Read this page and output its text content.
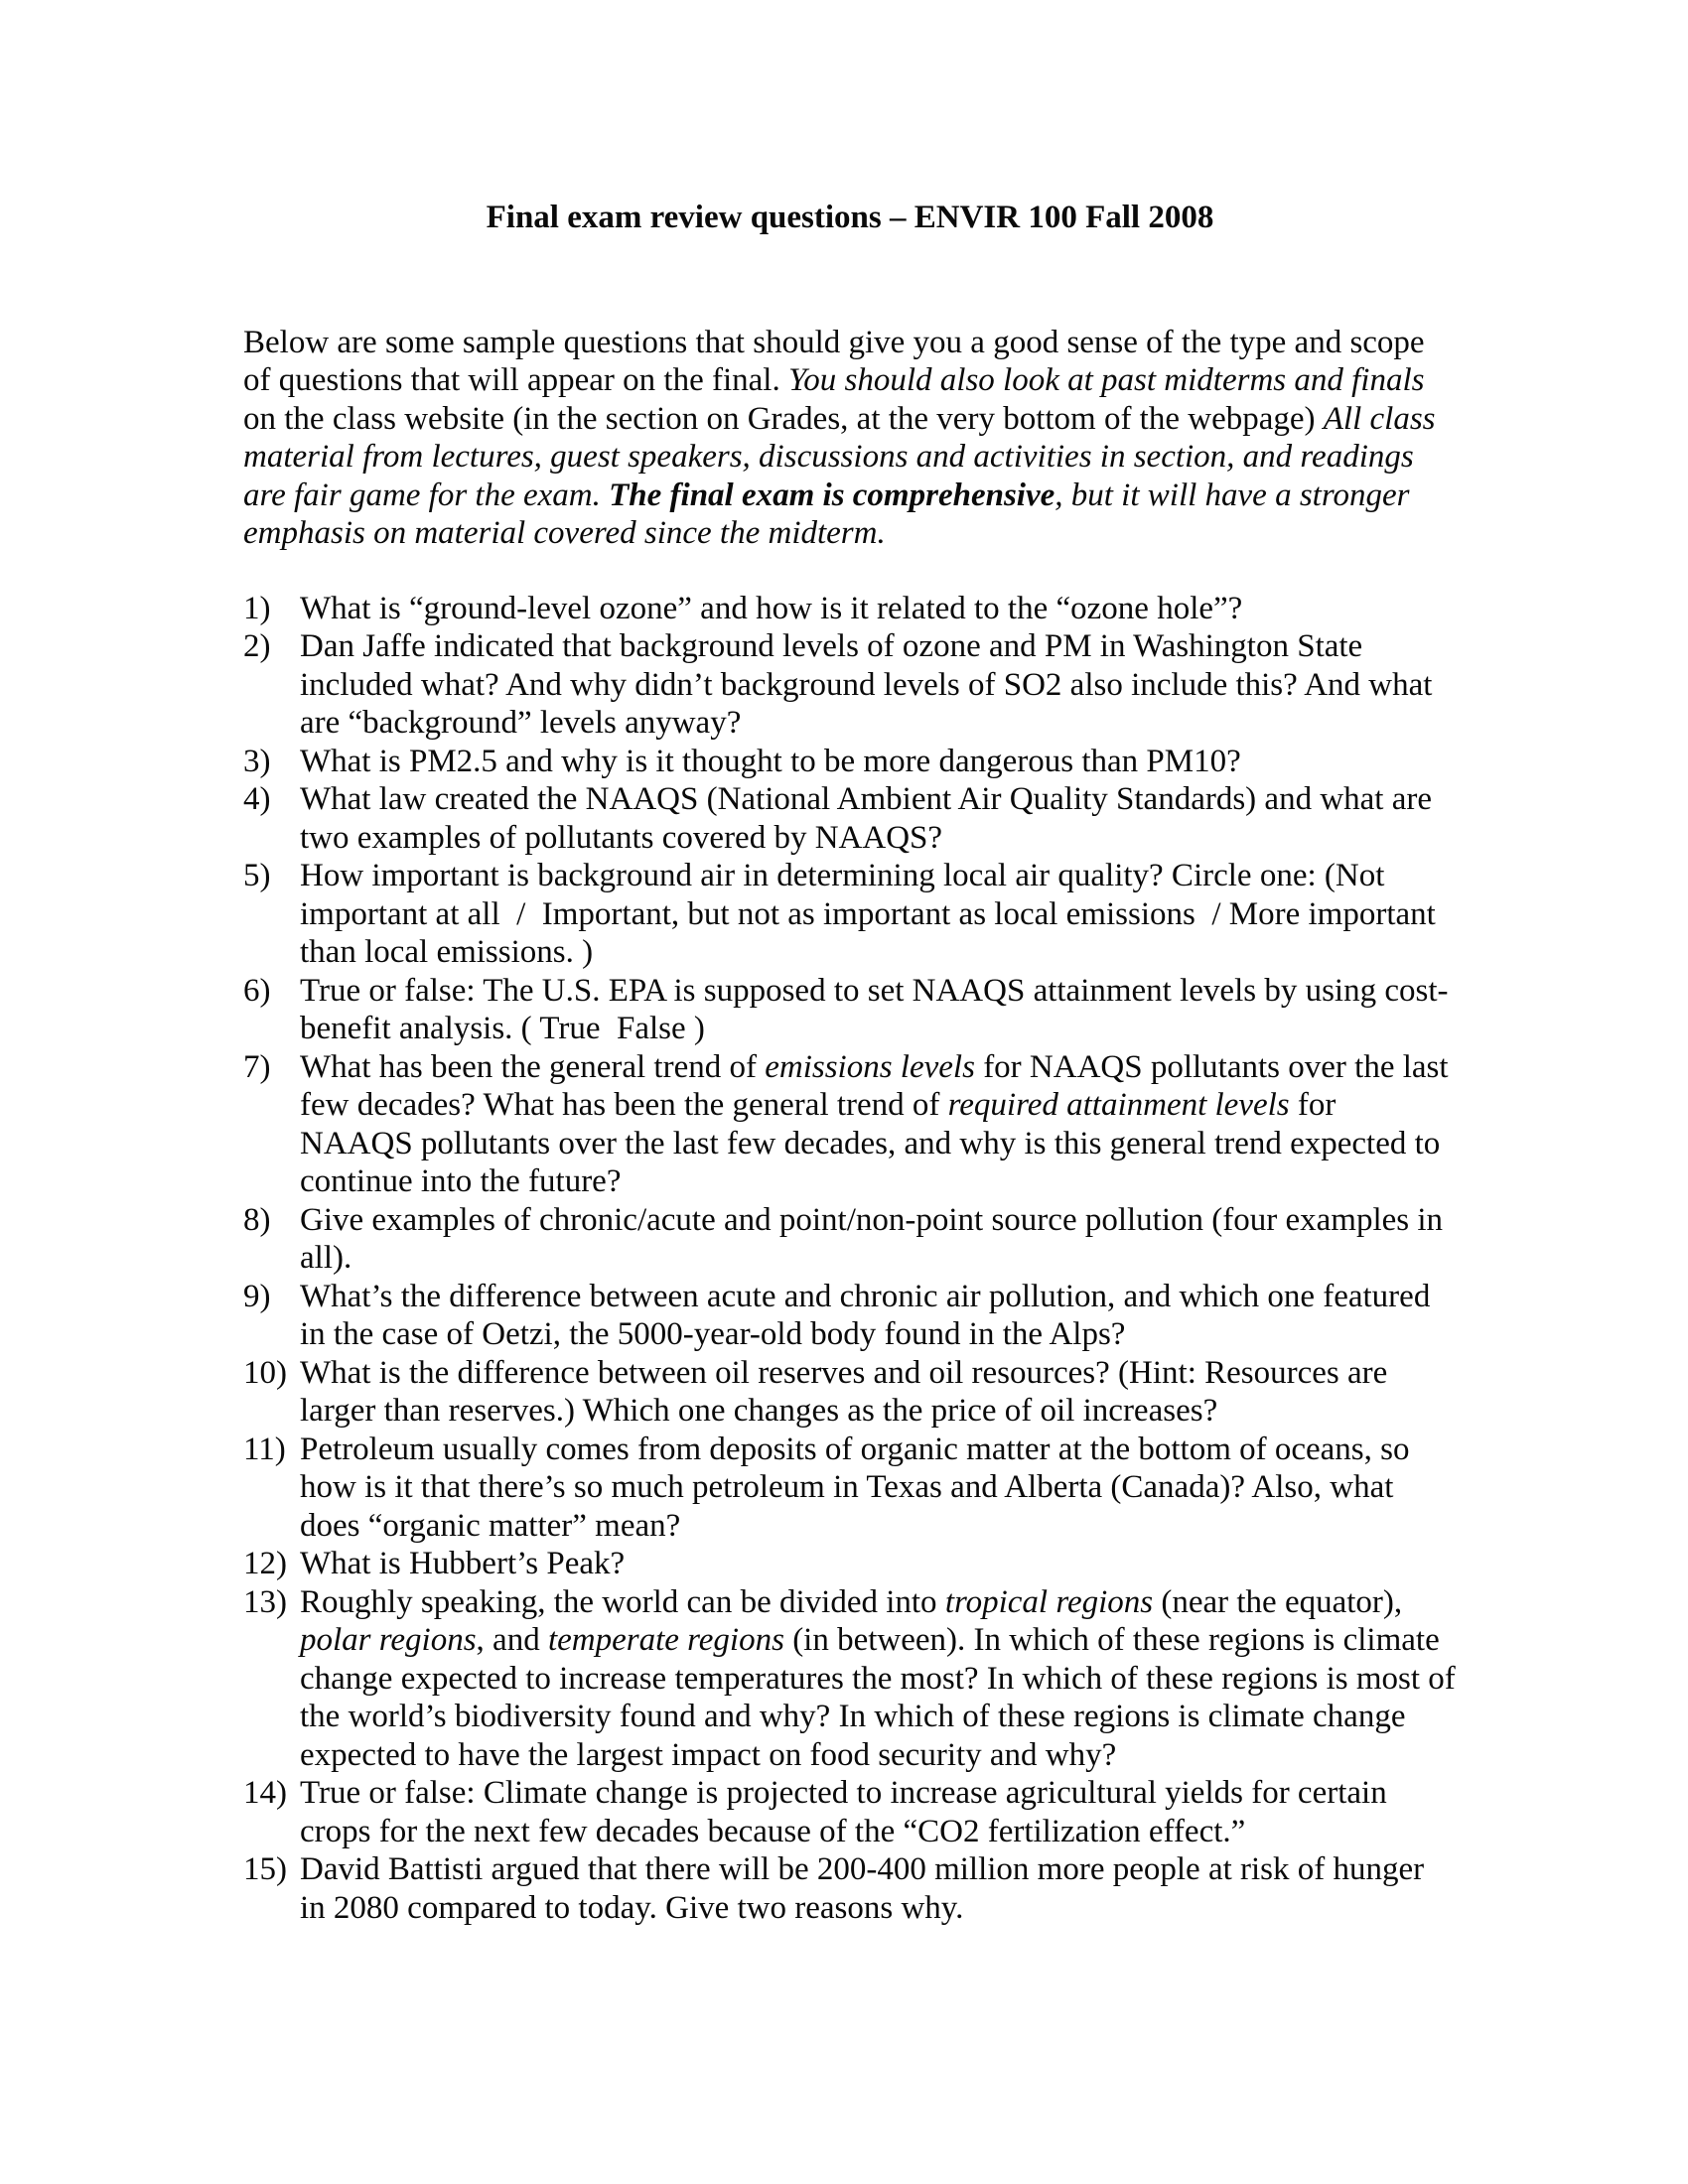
Final exam review questions – ENVIR 100 Fall 2008

Below are some sample questions that should give you a good sense of the type and scope of questions that will appear on the final. You should also look at past midterms and finals on the class website (in the section on Grades, at the very bottom of the webpage) All class material from lectures, guest speakers, discussions and activities in section, and readings are fair game for the exam. The final exam is comprehensive, but it will have a stronger emphasis on material covered since the midterm.

1) What is “ground-level ozone” and how is it related to the “ozone hole”?
2) Dan Jaffe indicated that background levels of ozone and PM in Washington State included what? And why didn’t background levels of SO2 also include this? And what are “background” levels anyway?
3) What is PM2.5 and why is it thought to be more dangerous than PM10?
4) What law created the NAAQS (National Ambient Air Quality Standards) and what are two examples of pollutants covered by NAAQS?
5) How important is background air in determining local air quality? Circle one: (Not important at all  /  Important, but not as important as local emissions  / More important than local emissions. )
6) True or false: The U.S. EPA is supposed to set NAAQS attainment levels by using cost-benefit analysis. ( True  False )
7) What has been the general trend of emissions levels for NAAQS pollutants over the last few decades? What has been the general trend of required attainment levels for NAAQS pollutants over the last few decades, and why is this general trend expected to continue into the future?
8) Give examples of chronic/acute and point/non-point source pollution (four examples in all).
9) What’s the difference between acute and chronic air pollution, and which one featured in the case of Oetzi, the 5000-year-old body found in the Alps?
10) What is the difference between oil reserves and oil resources? (Hint: Resources are larger than reserves.) Which one changes as the price of oil increases?
11) Petroleum usually comes from deposits of organic matter at the bottom of oceans, so how is it that there’s so much petroleum in Texas and Alberta (Canada)? Also, what does “organic matter” mean?
12) What is Hubbert’s Peak?
13) Roughly speaking, the world can be divided into tropical regions (near the equator), polar regions, and temperate regions (in between). In which of these regions is climate change expected to increase temperatures the most? In which of these regions is most of the world’s biodiversity found and why? In which of these regions is climate change expected to have the largest impact on food security and why?
14) True or false: Climate change is projected to increase agricultural yields for certain crops for the next few decades because of the “CO2 fertilization effect.”
15) David Battisti argued that there will be 200-400 million more people at risk of hunger in 2080 compared to today. Give two reasons why.
